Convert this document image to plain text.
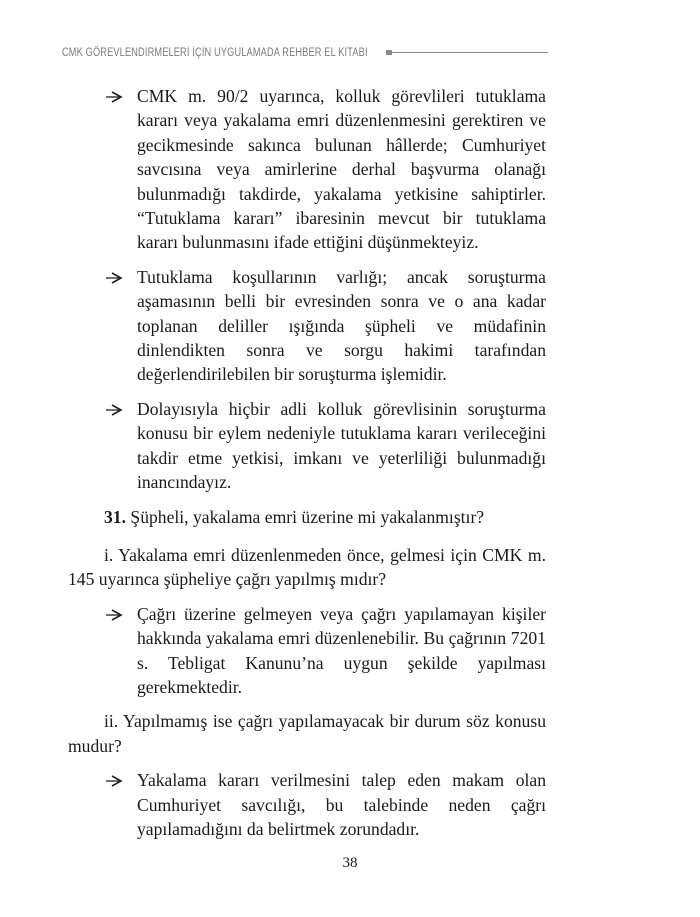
CMK GÖREVLENDİRMELERİ İÇİN UYGULAMADA REHBER EL KİTABI
CMK m. 90/2 uyarınca, kolluk görevlileri tutuklama kararı veya yakalama emri düzenlenmesini gerektiren ve gecikmesinde sakınca bulunan hâllerde; Cumhuriyet savcısına veya amirlerine derhal başvurma olanağı bulunmadığı takdirde, yakalama yetkisine sahiptirler. “Tutuklama kararı” ibaresinin mevcut bir tutuklama kararı bulunmasını ifade ettiğini düşünmekteyiz.
Tutuklama koşullarının varlığı; ancak soruşturma aşamasının belli bir evresinden sonra ve o ana kadar toplanan deliller ışığında şüpheli ve müdafinin dinlendikten sonra ve sorgu hakimi tarafından değerlendirilebilen bir soruşturma işlemidir.
Dolayısıyla hiçbir adli kolluk görevlisinin soruşturma konusu bir eylem nedeniyle tutuklama kararı verileceğini takdir etme yetkisi, imkanı ve yeterliliği bulunmadığı inancındayız.
31. Şüpheli, yakalama emri üzerine mi yakalanmıştır?
i. Yakalama emri düzenlenmeden önce, gelmesi için CMK m. 145 uyarınca şüpheliye çağrı yapılmış mıdır?
Çağrı üzerine gelmeyen veya çağrı yapılamayan kişiler hakkında yakalama emri düzenlenebilir. Bu çağrının 7201 s. Tebligat Kanunu’na uygun şekilde yapılması gerekmektedir.
ii. Yapılmamış ise çağrı yapılamayacak bir durum söz konusu mudur?
Yakalama kararı verilmesini talep eden makam olan Cumhuriyet savcılığı, bu talebinde neden çağrı yapılamadığını da belirtmek zorundadır.
38
